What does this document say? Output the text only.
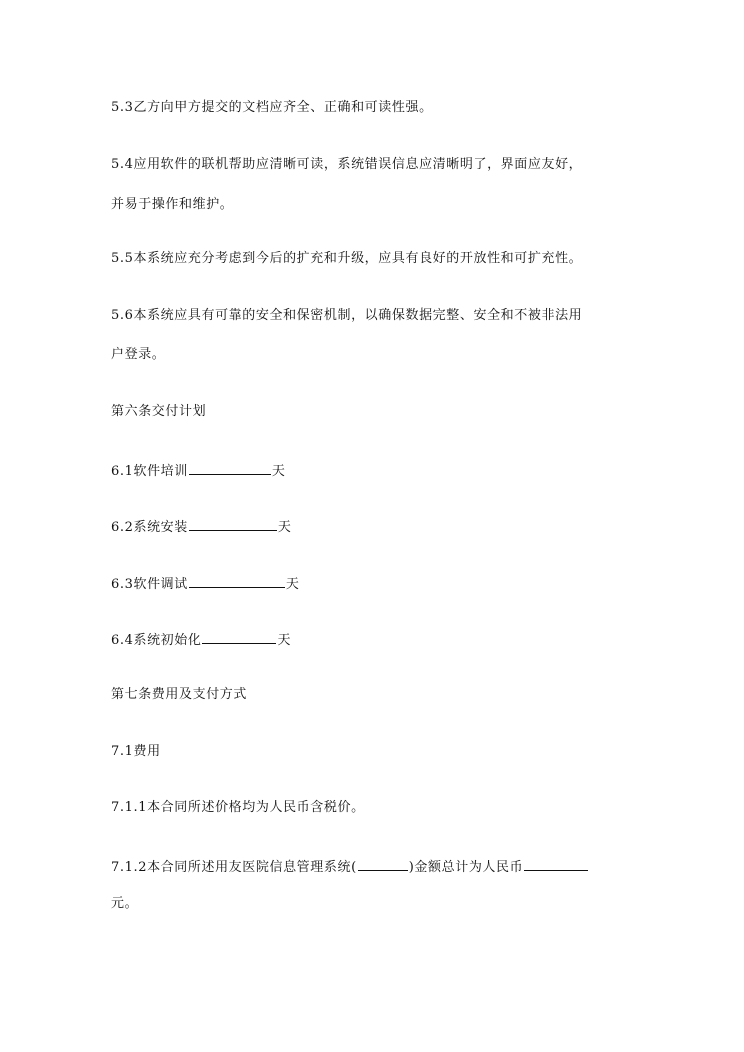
5.3乙方向甲方提交的文档应齐全、正确和可读性强。
5.4应用软件的联机帮助应清晰可读，系统错误信息应清晰明了，界面应友好，
并易于操作和维护。
5.5本系统应充分考虑到今后的扩充和升级，应具有良好的开放性和可扩充性。
5.6本系统应具有可靠的安全和保密机制，以确保数据完整、安全和不被非法用
户登录。
第六条交付计划
6.1软件培训	天
6.2系统安装	天
6.3软件调试	天
6.4系统初始化	天
第七条费用及支付方式
7.1费用
7.1.1本合同所述价格均为人民币含税价。
7.1.2本合同所述用友医院信息管理系统(	)金额总计为人民币
元。
